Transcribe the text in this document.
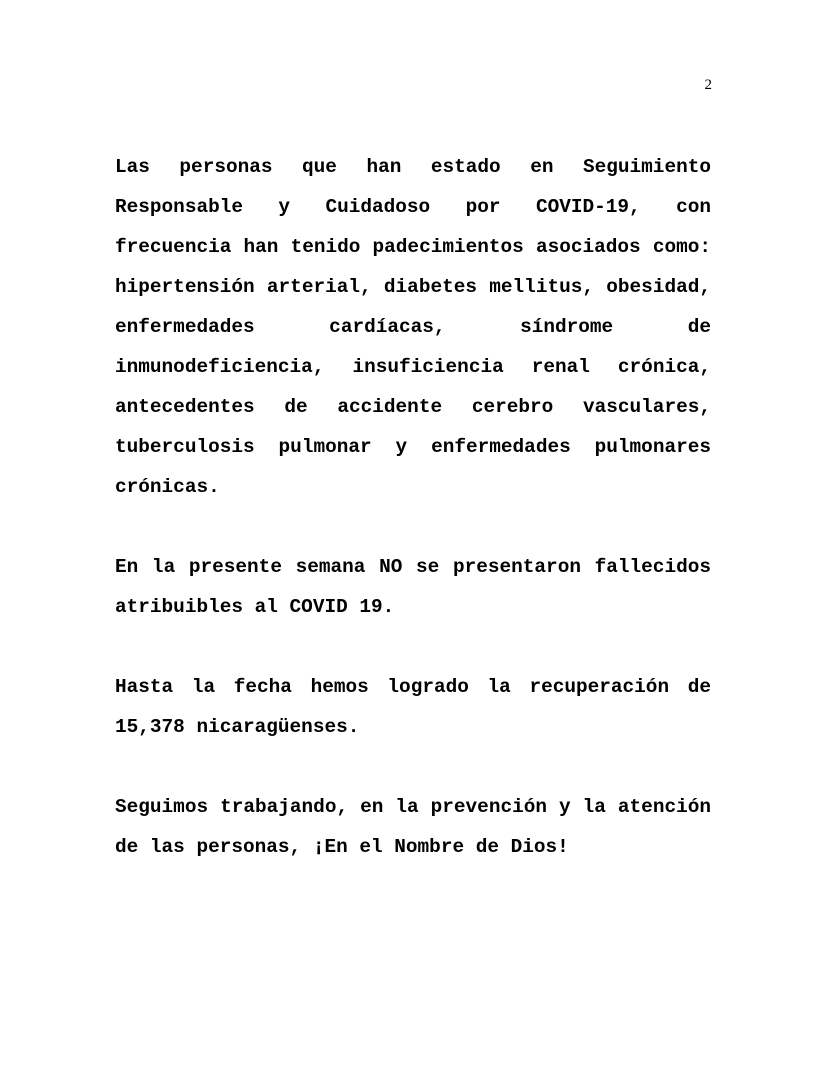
2

Las personas que han estado en Seguimiento Responsable y Cuidadoso por COVID-19, con frecuencia han tenido padecimientos asociados como: hipertensión arterial, diabetes mellitus, obesidad, enfermedades cardíacas, síndrome de inmunodeficiencia, insuficiencia renal crónica, antecedentes de accidente cerebro vasculares, tuberculosis pulmonar y enfermedades pulmonares crónicas.

En la presente semana NO se presentaron fallecidos atribuibles al COVID 19.

Hasta la fecha hemos logrado la recuperación de 15,378 nicaragüenses.

Seguimos trabajando, en la prevención y la atención de las personas, ¡En el Nombre de Dios!
